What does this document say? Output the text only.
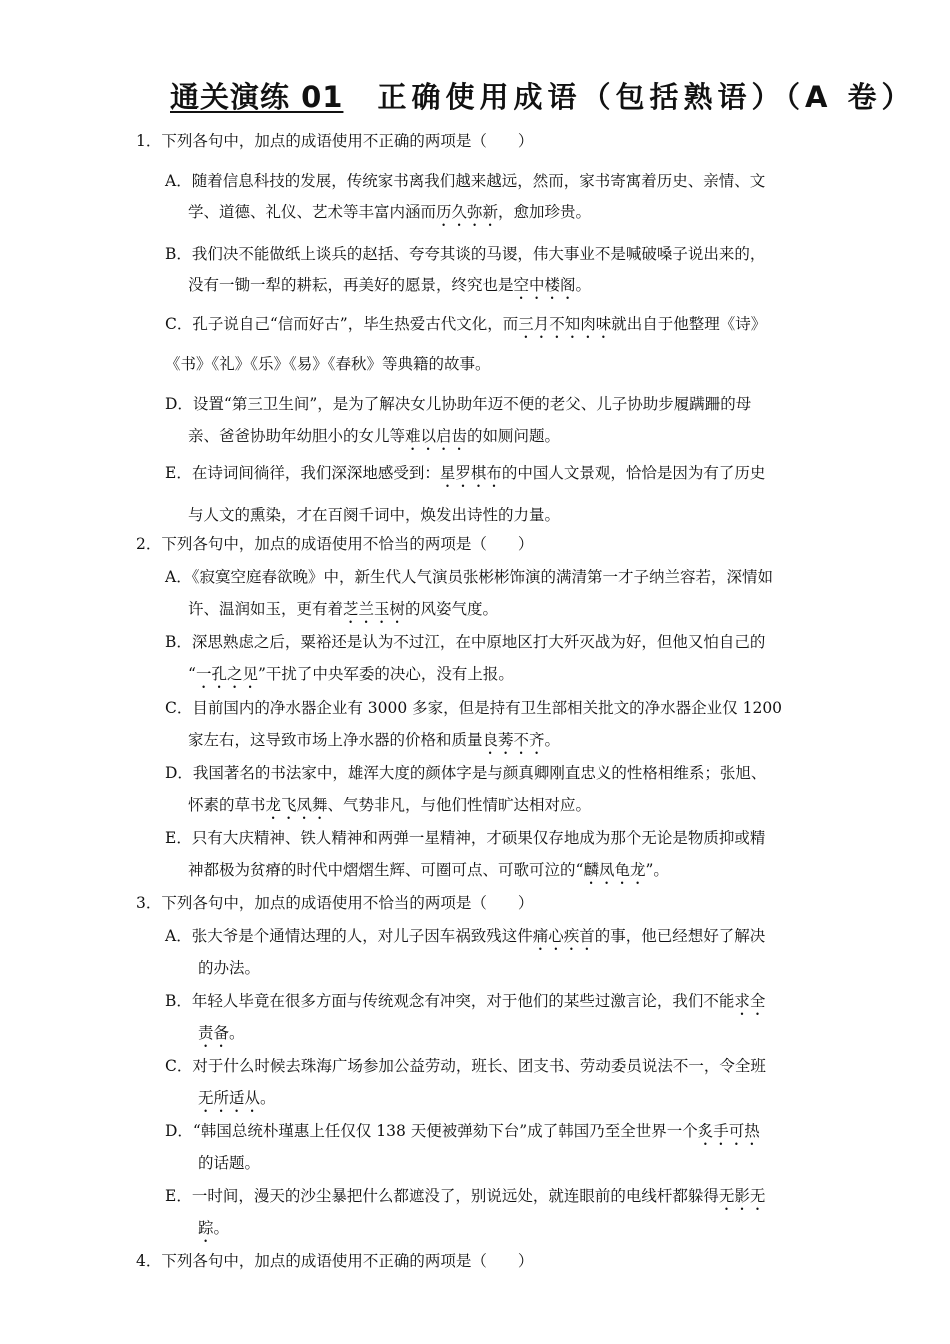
通关演练 01 正确使用成语（包括熟语）（A 卷）
1．下列各句中，加点的成语使用不正确的两项是（　　）
A．随着信息科技的发展，传统家书离我们越来越远，然而，家书寄寓着历史、亲情、文
学、道德、礼仪、艺术等丰富内涵而历久弥新，愈加珍贵。
B．我们决不能做纸上谈兵的赵括、夸夸其谈的马谡，伟大事业不是喊破嗓子说出来的，
没有一锄一犁的耕耘，再美好的愿景，终究也是空中楼阁。
C．孔子说自己“信而好古”，毕生热爱古代文化，而三月不知肉味就出自于他整理《诗》
《书》《礼》《乐》《易》《春秋》等典籍的故事。
D．设置“第三卫生间”，是为了解决女儿协助年迈不便的老父、儿子协助步履蹒跚的母
亲、爸爸协助年幼胆小的女儿等难以启齿的如厕问题。
E．在诗词间徜徉，我们深深地感受到：星罗棋布的中国人文景观，恰恰是因为有了历史
与人文的熏染，才在百阕千词中，焕发出诗性的力量。
2．下列各句中，加点的成语使用不恰当的两项是（　　）
A．《寂寞空庭春欲晚》中，新生代人气演员张彬彬饰演的满清第一才子纳兰容若，深情如
许、温润如玉，更有着芝兰玉树的风姿气度。
B．深思熟虑之后，粟裕还是认为不过江，在中原地区打大歼灭战为好，但他又怕自己的
“一孔之见”干扰了中央军委的决心，没有上报。
C．目前国内的净水器企业有 3000 多家，但是持有卫生部相关批文的净水器企业仅 1200
家左右，这导致市场上净水器的价格和质量良莠不齐。
D．我国著名的书法家中，雄浑大度的颜体字是与颜真卿刚直忠义的性格相维系；张旭、
怀素的草书龙飞凤舞、气势非凡，与他们性情旷达相对应。
E．只有大庆精神、铁人精神和两弹一星精神，才硕果仅存地成为那个无论是物质抑或精
神都极为贫瘠的时代中熠熠生辉、可圈可点、可歌可泣的“麟凤龟龙”。
3．下列各句中，加点的成语使用不恰当的两项是（　　）
A．张大爷是个通情达理的人，对儿子因车祸致残这件痛心疾首的事，他已经想好了解决
的办法。
B．年轻人毕竟在很多方面与传统观念有冲突，对于他们的某些过激言论，我们不能求全
责备。
C．对于什么时候去珠海广场参加公益劳动，班长、团支书、劳动委员说法不一，令全班
无所适从。
D．“韩国总统朴瑾惠上任仅仅 138 天便被弹劾下台”成了韩国乃至全世界一个炙手可热
的话题。
E．一时间，漫天的沙尘暴把什么都遮没了，别说远处，就连眼前的电线杆都躲得无影无
踪。
4．下列各句中，加点的成语使用不正确的两项是（　　）
